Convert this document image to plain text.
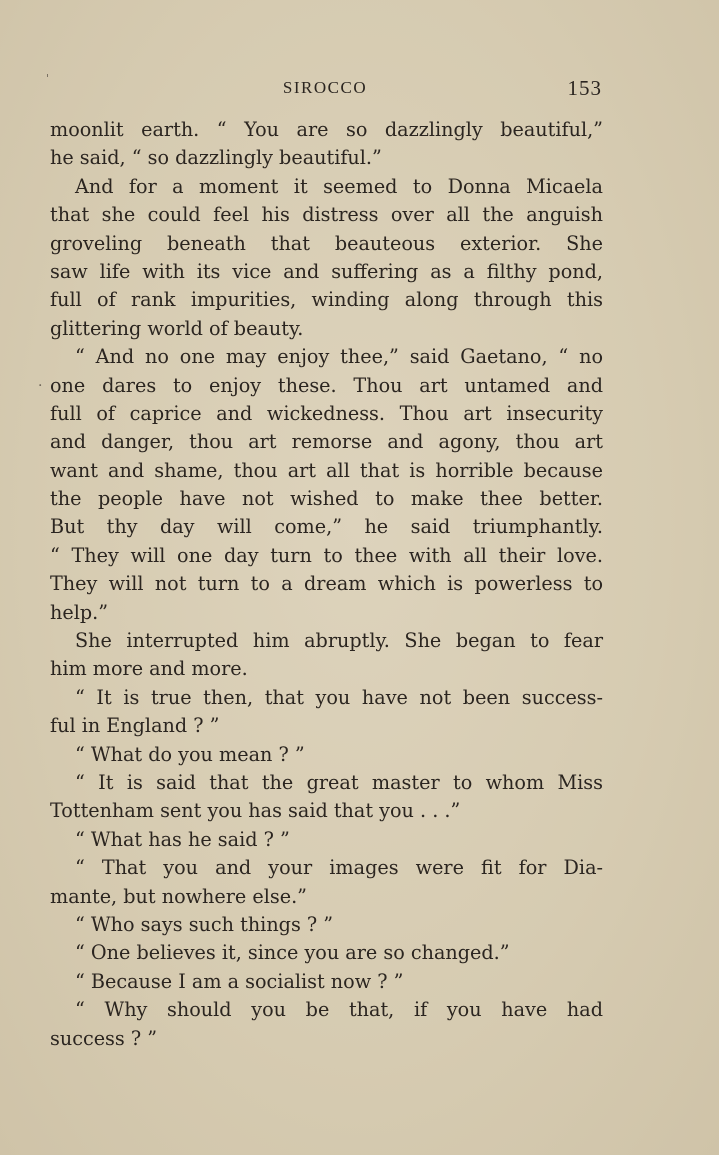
SIROCCO	153
'
·
moonlit earth. “ You are so dazzlingly beautiful,”
he said, “ so dazzlingly beautiful.”
And for a moment it seemed to Donna Micaela
that she could feel his distress over all the anguish
groveling beneath that beauteous exterior. She
saw life with its vice and suffering as a filthy pond,
full of rank impurities, winding along through this
glittering world of beauty.
“ And no one may enjoy thee,” said Gaetano, “ no
one dares to enjoy these. Thou art untamed and
full of caprice and wickedness. Thou art insecurity
and danger, thou art remorse and agony, thou art
want and shame, thou art all that is horrible because
the people have not wished to make thee better.
But thy day will come,” he said triumphantly.
“ They will one day turn to thee with all their love.
They will not turn to a dream which is powerless to
help.”
She interrupted him abruptly. She began to fear
him more and more.
“ It is true then, that you have not been success-
ful in England ? ”
“ What do you mean ? ”
“ It is said that the great master to whom Miss
Tottenham sent you has said that you . . .”
“ What has he said ? ”
“ That you and your images were fit for Dia-
mante, but nowhere else.”
“ Who says such things ? ”
“ One believes it, since you are so changed.”
“ Because I am a socialist now ? ”
“ Why should you be that, if you have had
success ? ”
